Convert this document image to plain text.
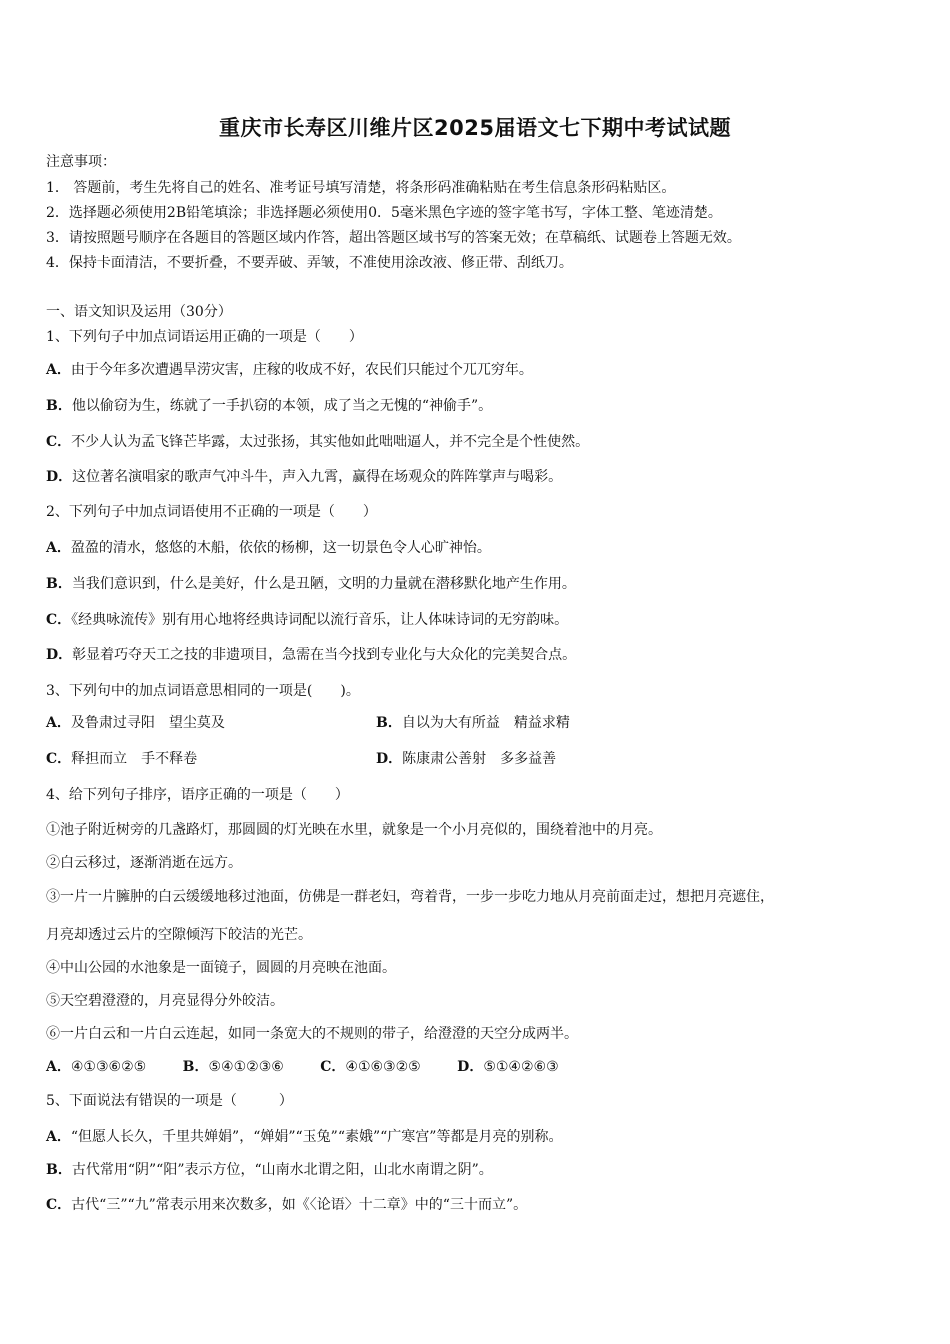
重庆市长寿区川维片区2025届语文七下期中考试试题
注意事项：
1． 答题前，考生先将自己的姓名、准考证号填写清楚，将条形码准确粘贴在考生信息条形码粘贴区。
2．选择题必须使用2B铅笔填涂；非选择题必须使用0．5毫米黑色字迹的签字笔书写，字体工整、笔迹清楚。
3．请按照题号顺序在各题目的答题区域内作答，超出答题区域书写的答案无效；在草稿纸、试题卷上答题无效。
4．保持卡面清洁，不要折叠，不要弄破、弄皱，不准使用涂改液、修正带、刮纸刀。
一、语文知识及运用（30分）
1、下列句子中加点词语运用正确的一项是（　　）
A．由于今年多次遭遇旱涝灾害，庄稼的收成不好，农民们只能过个兀兀穷年。
B．他以偷窃为生，练就了一手扒窃的本领，成了当之无愧的“神偷手”。
C．不少人认为孟飞锋芒毕露，太过张扬，其实他如此咄咄逼人，并不完全是个性使然。
D．这位著名演唱家的歌声气冲斗牛，声入九霄，赢得在场观众的阵阵掌声与喝彩。
2、下列句子中加点词语使用不正确的一项是（　　）
A．盈盈的清水，悠悠的木船，依依的杨柳，这一切景色令人心旷神怡。
B．当我们意识到，什么是美好，什么是丑陋，文明的力量就在潜移默化地产生作用。
C．《经典咏流传》别有用心地将经典诗词配以流行音乐，让人体味诗词的无穷韵味。
D．彰显着巧夺天工之技的非遗项目，急需在当今找到专业化与大众化的完美契合点。
3、下列句中的加点词语意思相同的一项是(　　)。
A．及鲁肃过寻阳　望尘莫及	B．自以为大有所益　精益求精
C．释担而立　手不释卷	D．陈康肃公善射　多多益善
4、给下列句子排序，语序正确的一项是（　　）
①池子附近树旁的几盏路灯，那圆圆的灯光映在水里，就象是一个小月亮似的，围绕着池中的月亮。
②白云移过，逐渐消逝在远方。
③一片一片臃肿的白云缓缓地移过池面，仿佛是一群老妇，弯着背，一步一步吃力地从月亮前面走过，想把月亮遮住，
月亮却透过云片的空隙倾泻下皎洁的光芒。
④中山公园的水池象是一面镜子，圆圆的月亮映在池面。
⑤天空碧澄澄的，月亮显得分外皎洁。
⑥一片白云和一片白云连起，如同一条宽大的不规则的带子，给澄澄的天空分成两半。
A．④①③⑥②⑤	B．⑤④①②③⑥	C．④①⑥③②⑤	D．⑤①④②⑥③
5、下面说法有错误的一项是（　　　）
A．“但愿人长久，千里共婵娟”，“婵娟”“玉兔”“素娥”“广寒宫”等都是月亮的别称。
B．古代常用“阴”“阳”表示方位，“山南水北谓之阳，山北水南谓之阴”。
C．古代“三”“九”常表示用来次数多，如《〈论语〉十二章》中的“三十而立”。
